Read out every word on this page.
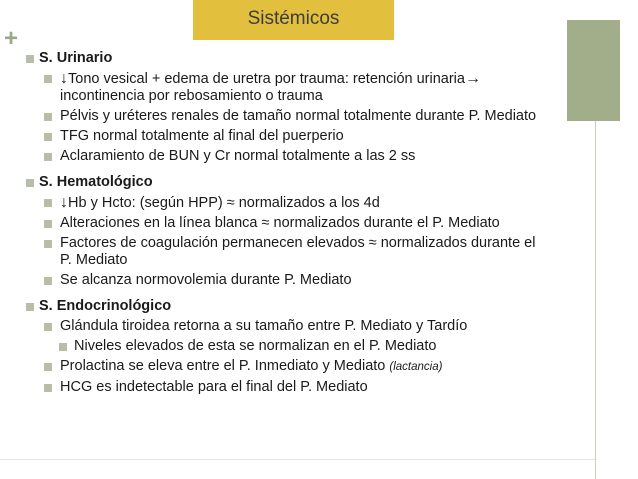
Sistémicos
+
S. Urinario
↓Tono vesical + edema de uretra por trauma: retención urinaria→
incontinencia por rebosamiento o trauma
Pélvis y uréteres renales de tamaño normal totalmente durante P. Mediato
TFG normal totalmente al final del puerperio
Aclaramiento de BUN y Cr normal totalmente a las 2 ss
S. Hematológico
↓Hb y Hcto: (según HPP) ≈ normalizados a los 4d
Alteraciones en la línea blanca ≈ normalizados durante el P. Mediato
Factores de coagulación permanecen elevados ≈ normalizados durante el
P. Mediato
Se alcanza normovolemia durante P. Mediato
S. Endocrinológico
Glándula tiroidea retorna a su tamaño entre P. Mediato y Tardío
Niveles elevados de esta se normalizan en el P. Mediato
Prolactina se eleva entre el P. Inmediato y Mediato (lactancia)
HCG es indetectable para el final del P. Mediato
